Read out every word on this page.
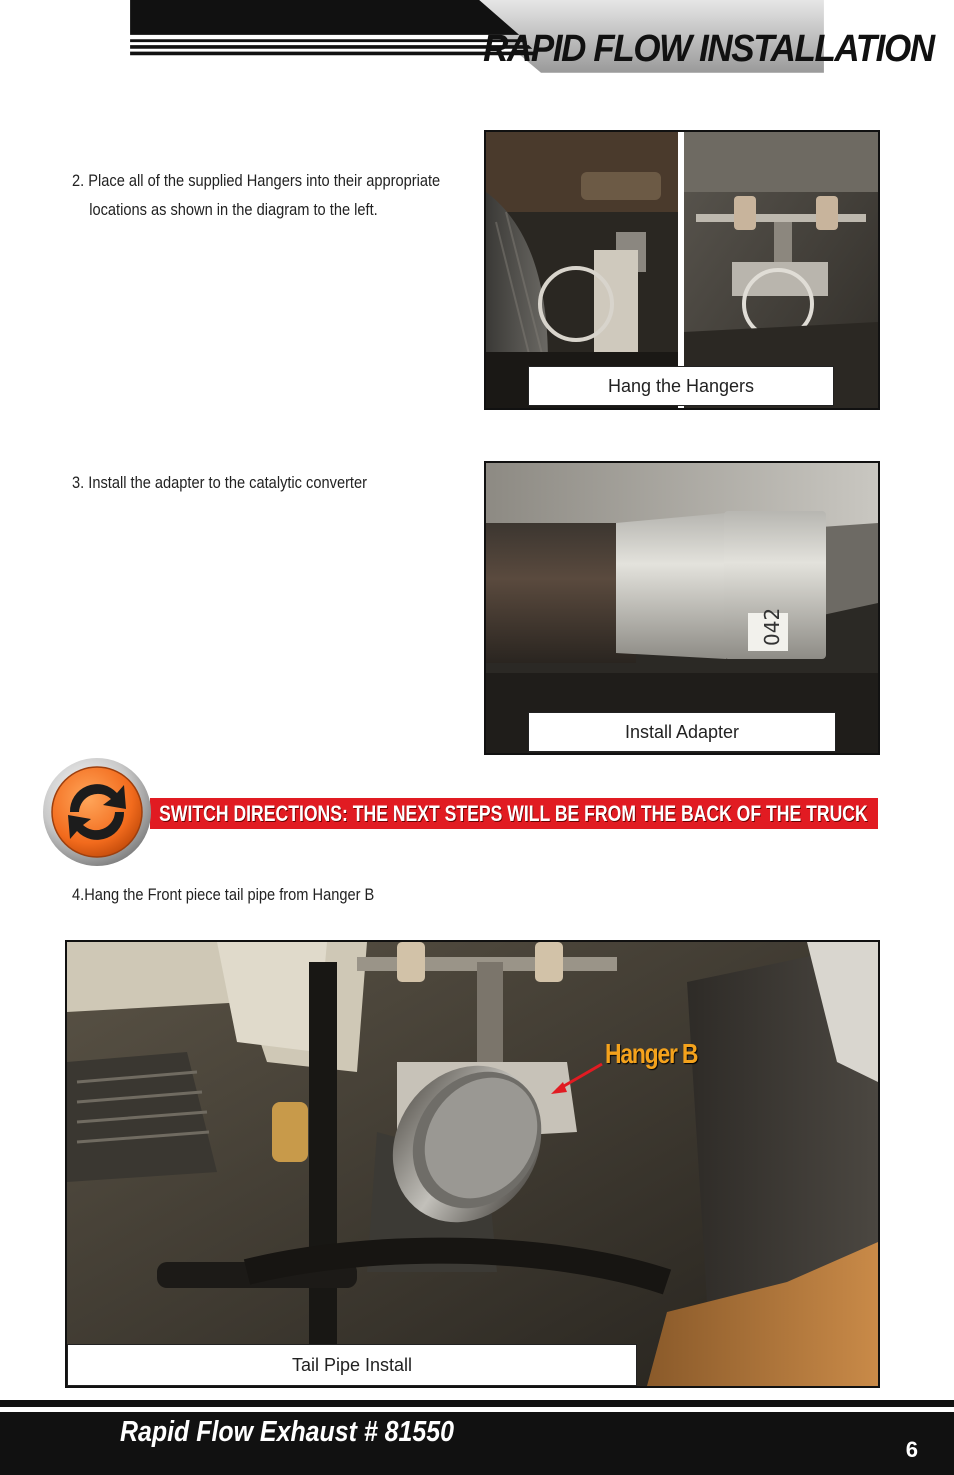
RAPID FLOW INSTALLATION
2. Place all of the supplied Hangers into their appropriate
locations as shown in the diagram to the left.
Hang the Hangers
3. Install the adapter to the catalytic converter
042
Install Adapter
SWITCH DIRECTIONS: THE NEXT STEPS WILL BE FROM THE BACK OF THE TRUCK
4.Hang the Front piece tail pipe from Hanger B
Hanger B
Tail Pipe Install
Rapid Flow Exhaust # 81550
6
